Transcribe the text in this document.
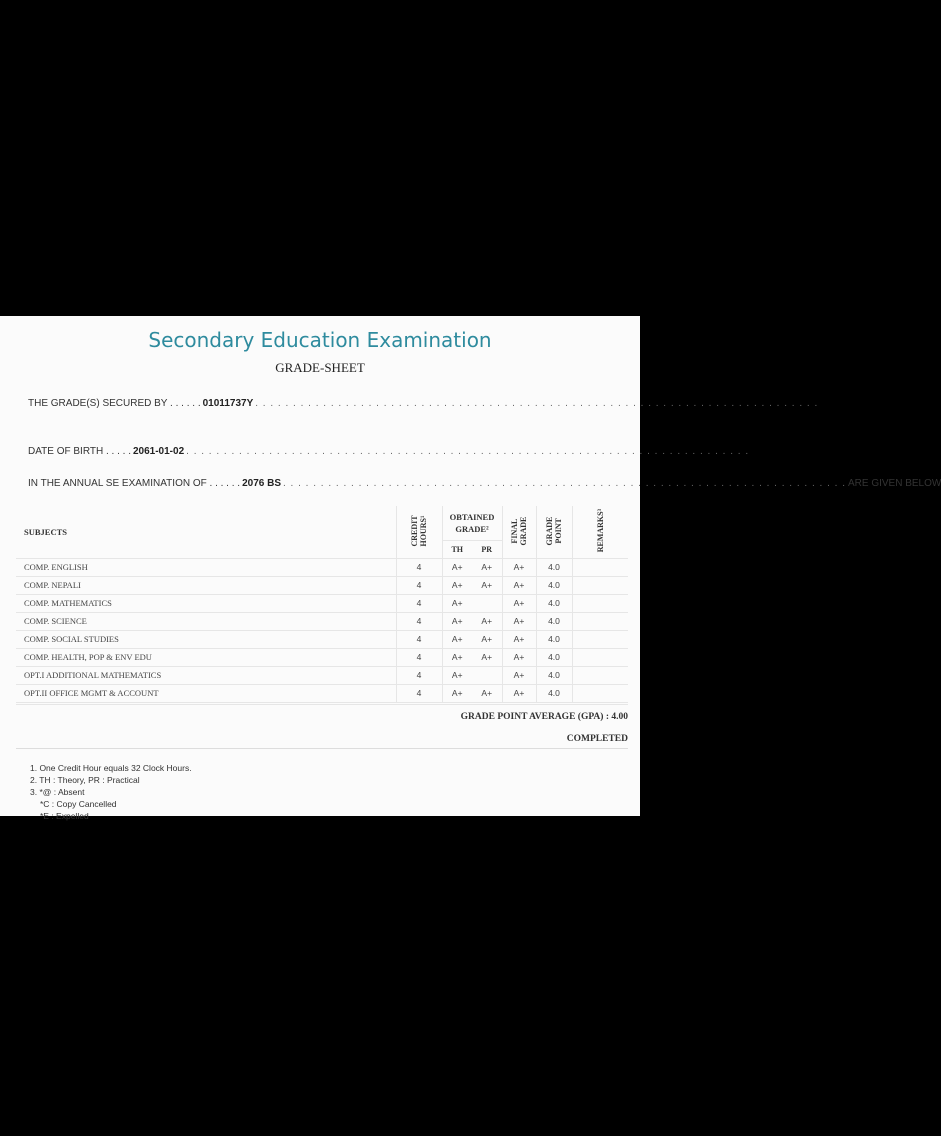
Secondary Education Examination
GRADE-SHEET
THE GRADE(S) SECURED BY . . . . . . 01011737Y . . . . . . . . . . . . . . . . . . . . . . . . . . . . . . . . . . . . . . . . . . . . . . . . . . . . . . . . . . . . . . . . . . . . . . . . . . .
DATE OF BIRTH . . . . . 2061-01-02 . . . . . . . . . . . . . . . . . . . . . . . . . . . . . . . . . . . . . . . . . . . . . . . . . . . . . . . . . . . . . . . . . . . . . . . . . . .
IN THE ANNUAL SE EXAMINATION OF . . . . . . 2076 BS . . . . . . . . . . . . . . . . . . . . . . . . . . . . . . . . . . . . . . . . . . . . . . . . . . . . . . . . . . . . . . . . . . . . . . . . . . . ARE GIVEN BELOW
SUBJECTS	CREDIT HOURS¹	OBTAINED GRADE²		FINAL GRADE	GRADE POINT	REMARKS³
		TH	PR			
COMP. ENGLISH	4	A+	A+	A+	4.0	
COMP. NEPALI	4	A+	A+	A+	4.0	
COMP. MATHEMATICS	4	A+		A+	4.0	
COMP. SCIENCE	4	A+	A+	A+	4.0	
COMP. SOCIAL STUDIES	4	A+	A+	A+	4.0	
COMP. HEALTH, POP & ENV EDU	4	A+	A+	A+	4.0	
OPT.I ADDITIONAL MATHEMATICS	4	A+		A+	4.0	
OPT.II OFFICE MGMT & ACCOUNT	4	A+	A+	A+	4.0	
GRADE POINT AVERAGE (GPA) : 4.00
COMPLETED
1. One Credit Hour equals 32 Clock Hours.
2. TH : Theory, PR : Practical
3. *@ : Absent
*C : Copy Cancelled
*E : Expelled
